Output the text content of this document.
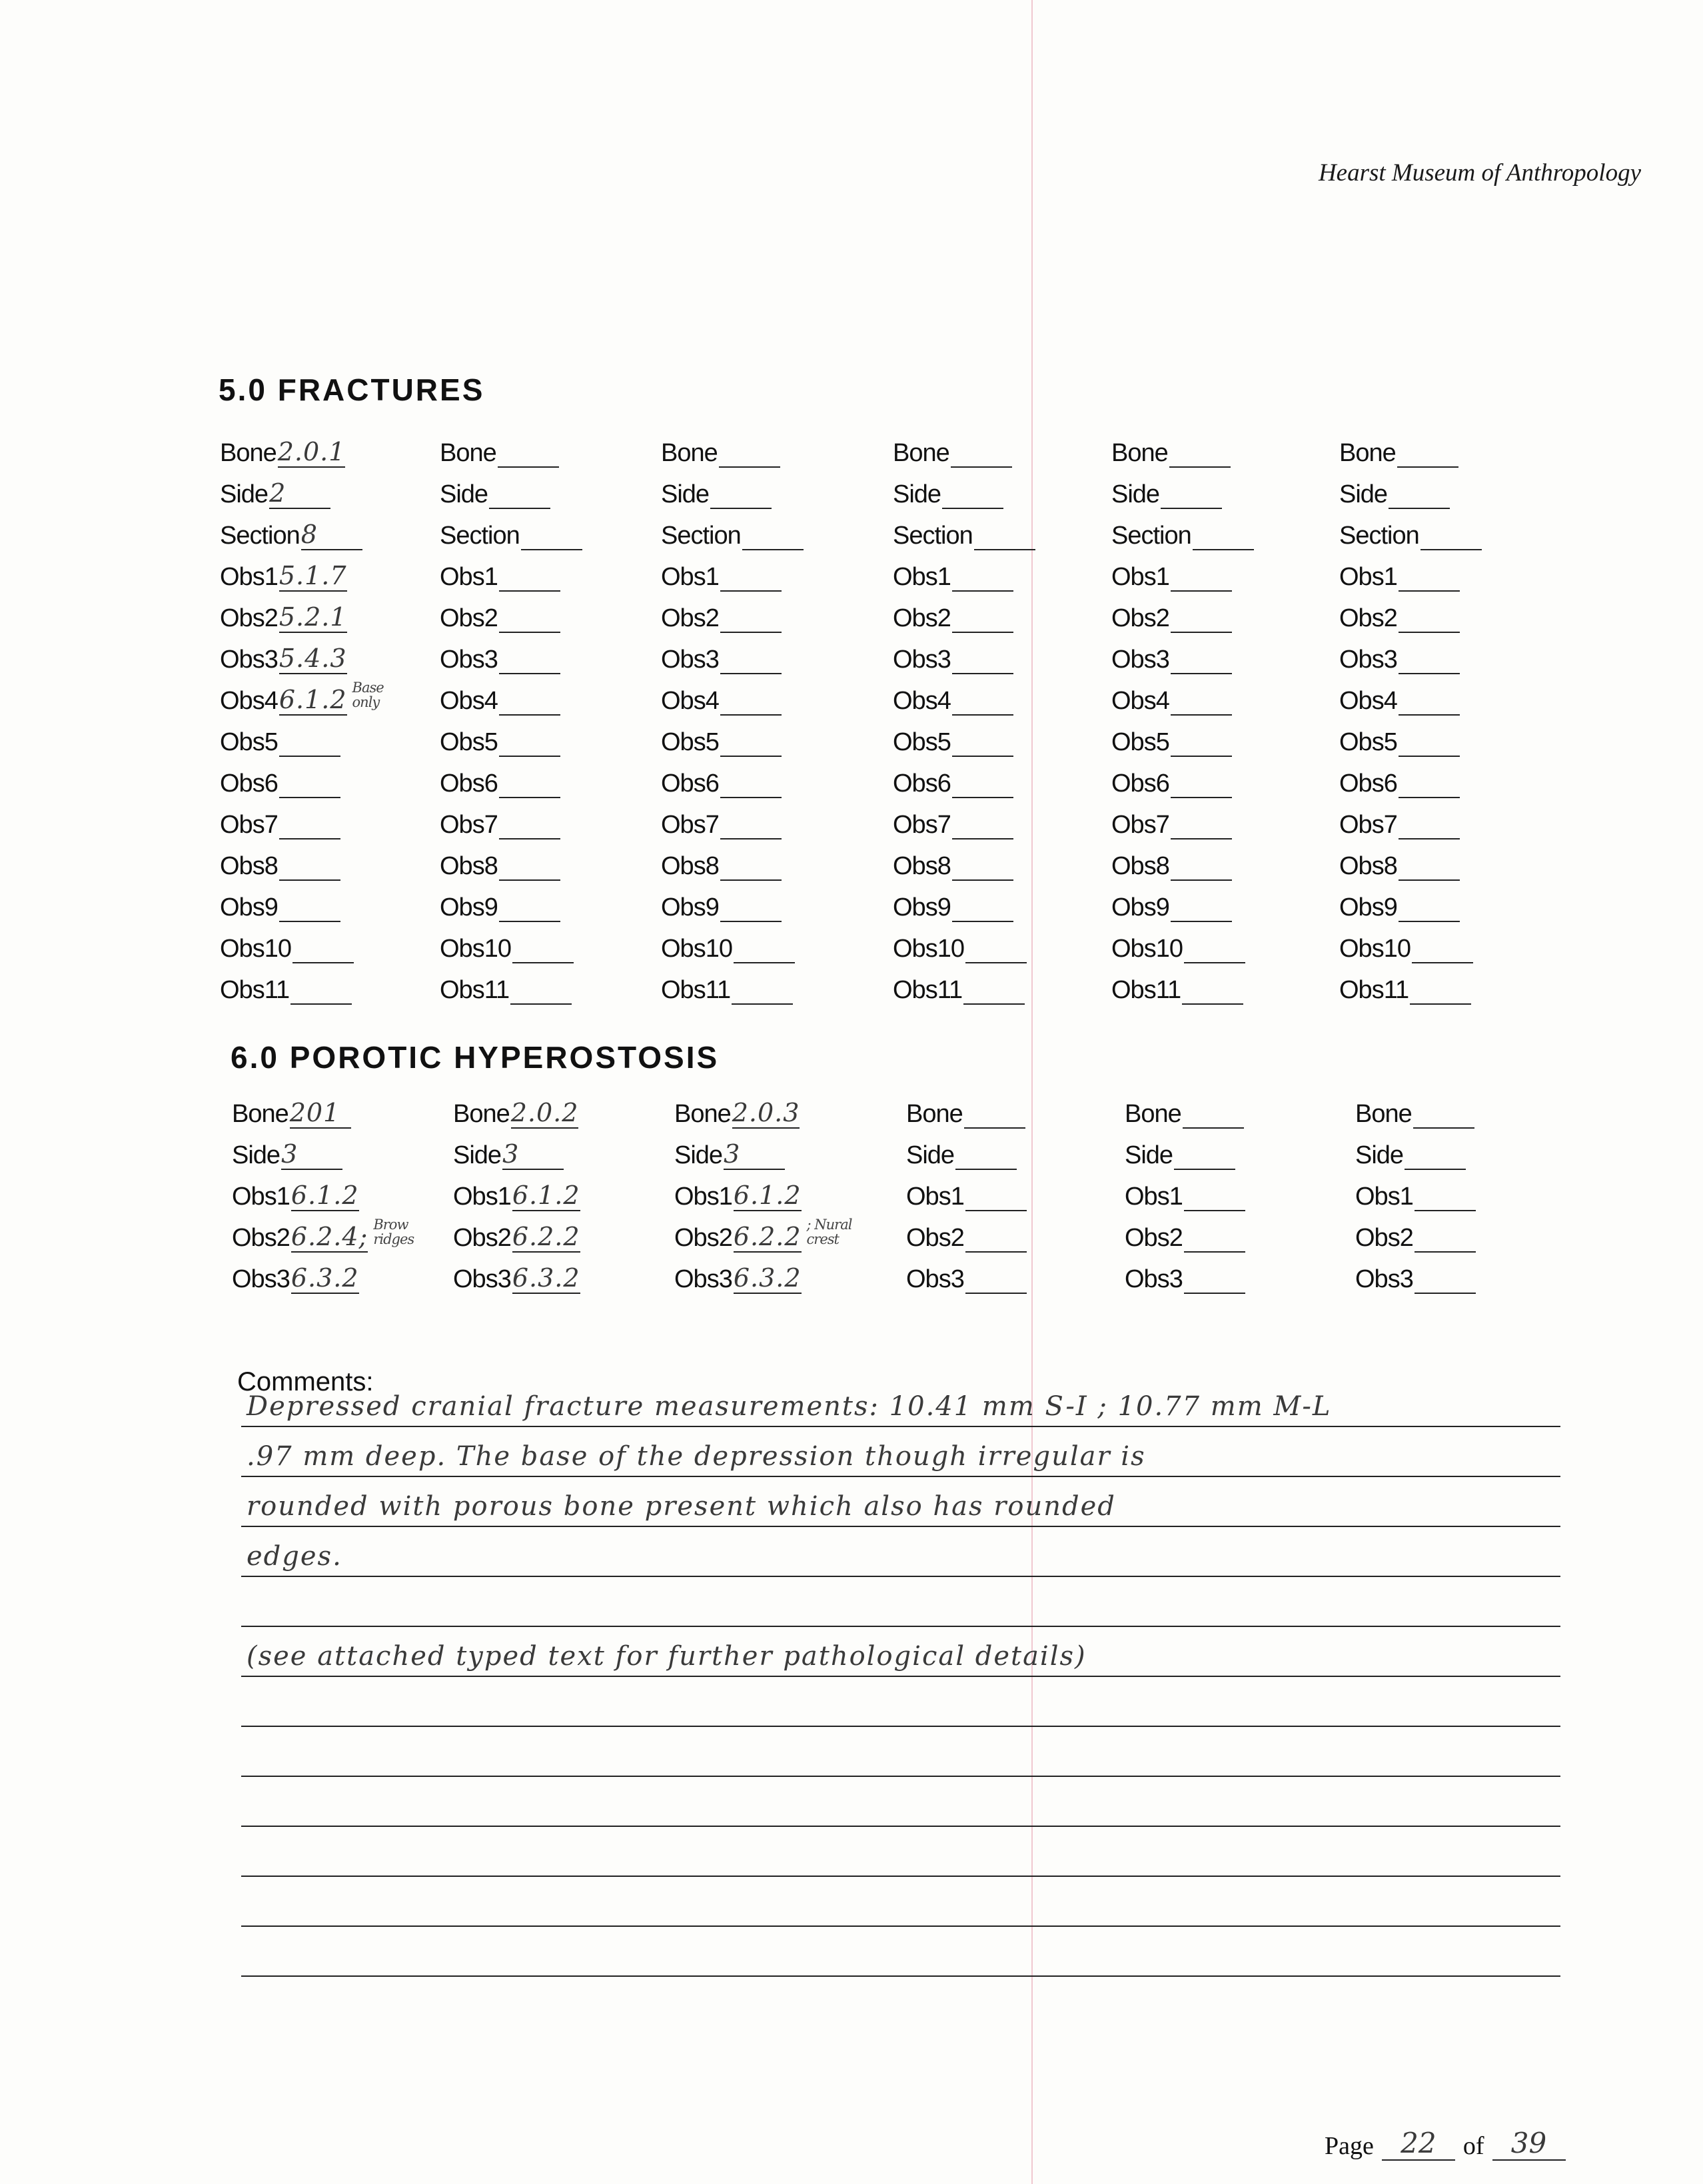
Hearst Museum of Anthropology
5.0 FRACTURES
Bone 2.0.1
Side 2
Section 8
Obs1 5.1.7
Obs2 5.2.1
Obs3 5.4.3
Obs4 6.1.2 Base only
Obs5
Obs6
Obs7
Obs8
Obs9
Obs10
Obs11
Bone
Side
Section
Obs1
Obs2
Obs3
Obs4
Obs5
Obs6
Obs7
Obs8
Obs9
Obs10
Obs11
Bone
Side
Section
Obs1
Obs2
Obs3
Obs4
Obs5
Obs6
Obs7
Obs8
Obs9
Obs10
Obs11
Bone
Side
Section
Obs1
Obs2
Obs3
Obs4
Obs5
Obs6
Obs7
Obs8
Obs9
Obs10
Obs11
Bone
Side
Section
Obs1
Obs2
Obs3
Obs4
Obs5
Obs6
Obs7
Obs8
Obs9
Obs10
Obs11
Bone
Side
Section
Obs1
Obs2
Obs3
Obs4
Obs5
Obs6
Obs7
Obs8
Obs9
Obs10
Obs11
6.0 POROTIC HYPEROSTOSIS
Bone 201
Side 3
Obs1 6.1.2
Obs2 6.2.4; Brow ridges
Obs3 6.3.2
Bone 2.0.2
Side 3
Obs1 6.1.2
Obs2 6.2.2
Obs3 6.3.2
Bone 2.0.3
Side 3
Obs1 6.1.2
Obs2 6.2.2 ; Nural crest
Obs3 6.3.2
Bone
Side
Obs1
Obs2
Obs3
Bone
Side
Obs1
Obs2
Obs3
Bone
Side
Obs1
Obs2
Obs3
Comments:
Depressed cranial fracture measurements: 10.41 mm S-I ; 10.77 mm M-L
.97 mm deep. The base of the depression though irregular is
rounded with porous bone present which also has rounded
edges.
(see attached typed text for further pathological details)
Page 22	of 39
